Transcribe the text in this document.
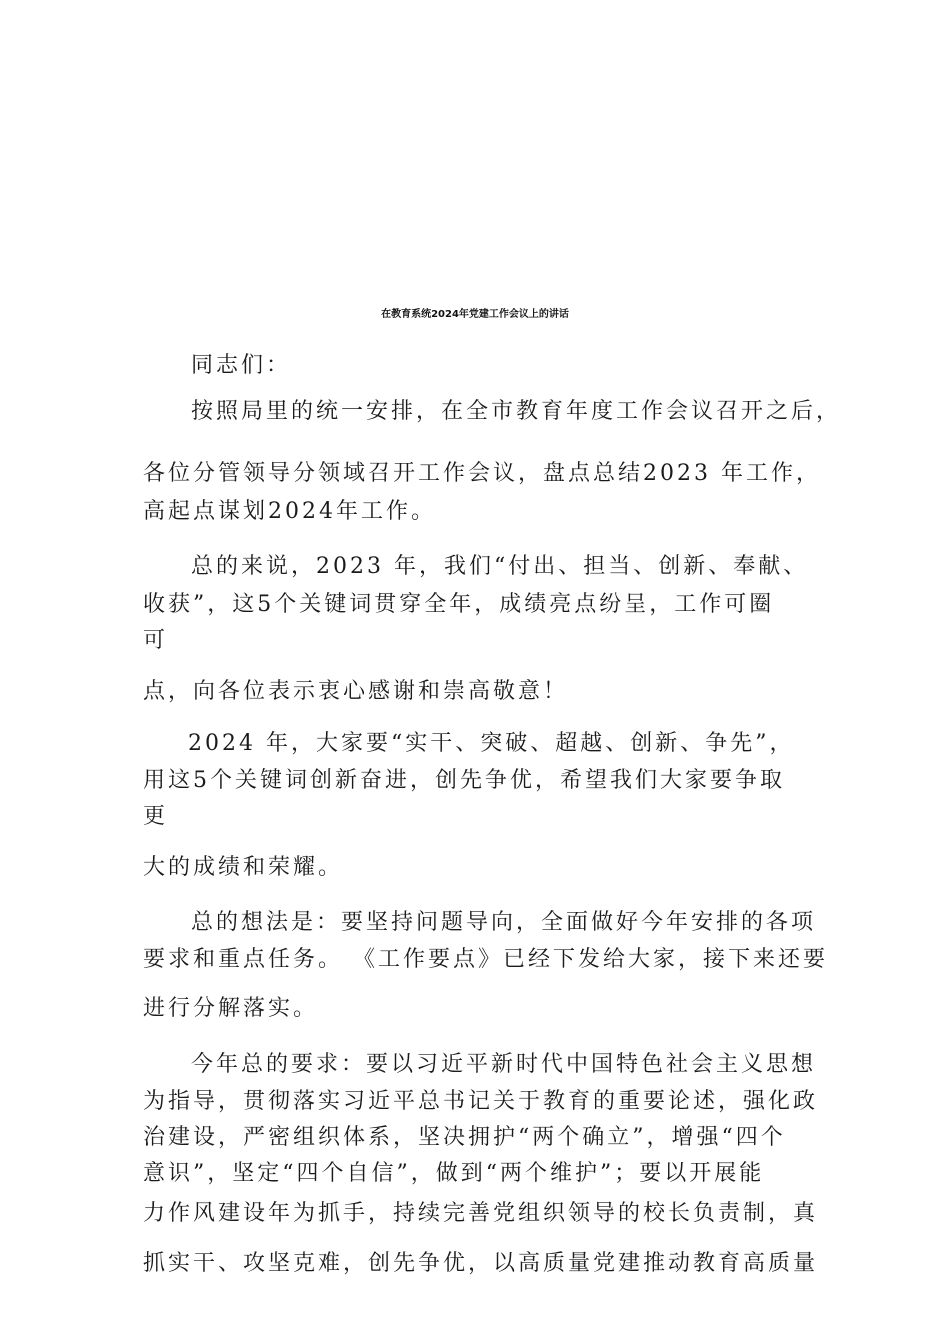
在教育系统2024年党建工作会议上的讲话
同志们：
按照局里的统一安排，在全市教育年度工作会议召开之后，
各位分管领导分领域召开工作会议，盘点总结2023 年工作，
高起点谋划2024年工作。
总的来说，2023 年，我们“付出、担当、创新、奉献、
收获”，这5个关键词贯穿全年，成绩亮点纷呈，工作可圈
可
点，向各位表示衷心感谢和崇高敬意！
2024 年，大家要“实干、突破、超越、创新、争先”，
用这5个关键词创新奋进，创先争优，希望我们大家要争取
更
大的成绩和荣耀。
总的想法是：要坚持问题导向，全面做好今年安排的各项
要求和重点任务。 《工作要点》已经下发给大家，接下来还要
进行分解落实。
今年总的要求：要以习近平新时代中国特色社会主义思想
为指导，贯彻落实习近平总书记关于教育的重要论述，强化政
治建设，严密组织体系，坚决拥护“两个确立”，增强“四个
意识”，坚定“四个自信”，做到“两个维护”；要以开展能
力作风建设年为抓手，持续完善党组织领导的校长负责制，真
抓实干、攻坚克难，创先争优，以高质量党建推动教育高质量
